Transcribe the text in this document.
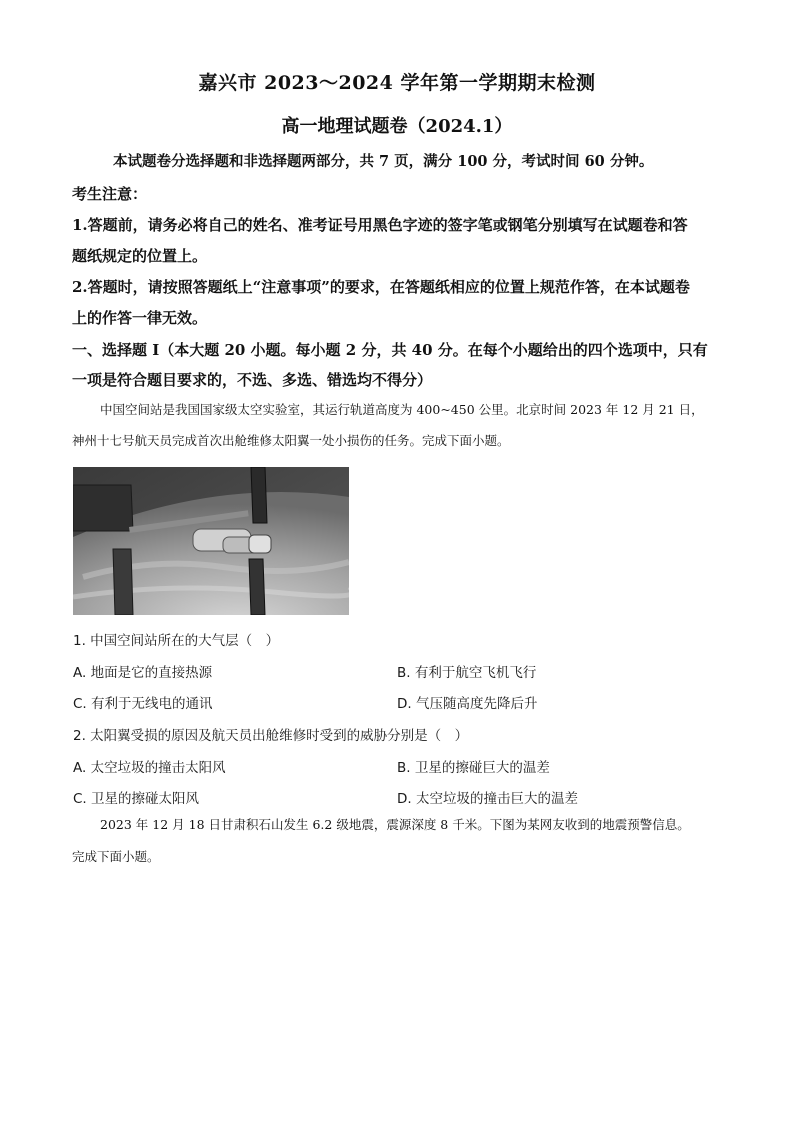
嘉兴市 2023～2024 学年第一学期期末检测
高一地理试题卷（2024.1）
本试题卷分选择题和非选择题两部分，共 7 页，满分 100 分，考试时间 60 分钟。
考生注意：
1.答题前，请务必将自己的姓名、准考证号用黑色字迹的签字笔或钢笔分别填写在试题卷和答
题纸规定的位置上。
2.答题时，请按照答题纸上“注意事项”的要求，在答题纸相应的位置上规范作答，在本试题卷
上的作答一律无效。
一、选择题 I（本大题 20 小题。每小题 2 分，共 40 分。在每个小题给出的四个选项中，只有
一项是符合题目要求的，不选、多选、错选均不得分）
中国空间站是我国国家级太空实验室，其运行轨道高度为 400~450 公里。北京时间 2023 年 12 月 21 日，
神州十七号航天员完成首次出舱维修太阳翼一处小损伤的任务。完成下面小题。
1. 中国空间站所在的大气层（　）
A. 地面是它的直接热源	B. 有利于航空飞机飞行
C. 有利于无线电的通讯	D. 气压随高度先降后升
2. 太阳翼受损的原因及航天员出舱维修时受到的威胁分别是（　）
A. 太空垃圾的撞击太阳风	B. 卫星的擦碰巨大的温差
C. 卫星的擦碰太阳风	D. 太空垃圾的撞击巨大的温差
2023 年 12 月 18 日甘肃积石山发生 6.2 级地震，震源深度 8 千米。下图为某网友收到的地震预警信息。
完成下面小题。
